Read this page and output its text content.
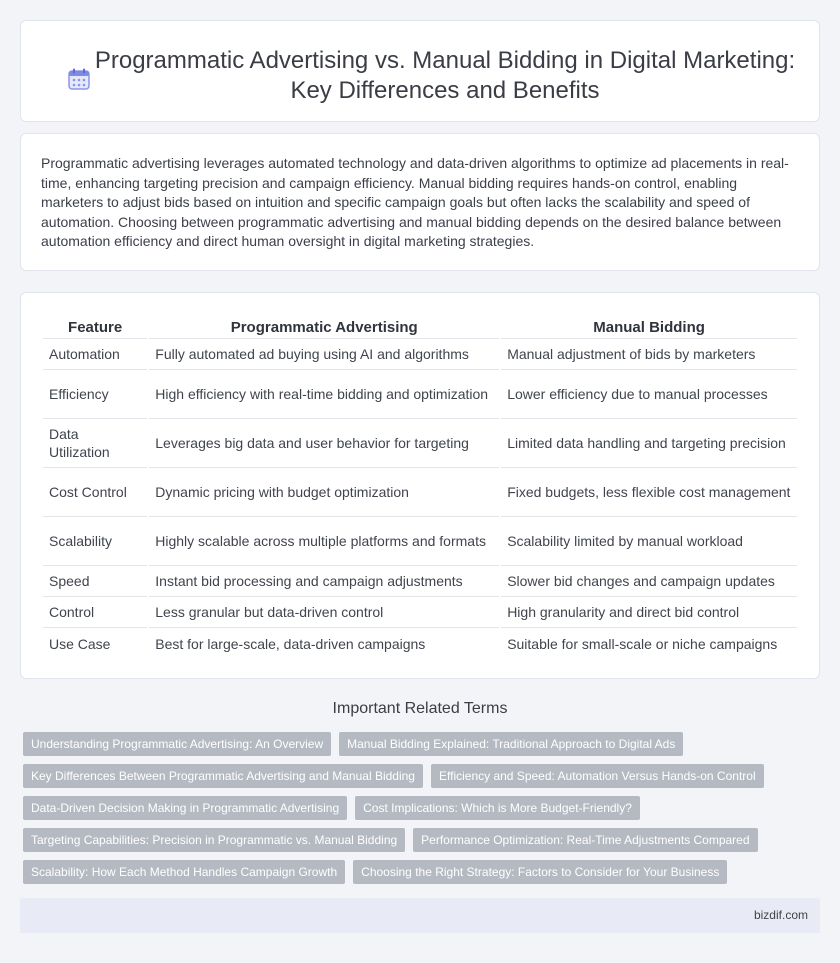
Programmatic Advertising vs. Manual Bidding in Digital Marketing: Key Differences and Benefits

Programmatic advertising leverages automated technology and data-driven algorithms to optimize ad placements in real-time, enhancing targeting precision and campaign efficiency. Manual bidding requires hands-on control, enabling marketers to adjust bids based on intuition and specific campaign goals but often lacks the scalability and speed of automation. Choosing between programmatic advertising and manual bidding depends on the desired balance between automation efficiency and direct human oversight in digital marketing strategies.

Feature	Programmatic Advertising	Manual Bidding
Automation	Fully automated ad buying using AI and algorithms	Manual adjustment of bids by marketers
Efficiency	High efficiency with real-time bidding and optimization	Lower efficiency due to manual processes
Data Utilization	Leverages big data and user behavior for targeting	Limited data handling and targeting precision
Cost Control	Dynamic pricing with budget optimization	Fixed budgets, less flexible cost management
Scalability	Highly scalable across multiple platforms and formats	Scalability limited by manual workload
Speed	Instant bid processing and campaign adjustments	Slower bid changes and campaign updates
Control	Less granular but data-driven control	High granularity and direct bid control
Use Case	Best for large-scale, data-driven campaigns	Suitable for small-scale or niche campaigns
Important Related Terms
Understanding Programmatic Advertising: An Overview	Manual Bidding Explained: Traditional Approach to Digital Ads
Key Differences Between Programmatic Advertising and Manual Bidding	Efficiency and Speed: Automation Versus Hands-on Control
Data-Driven Decision Making in Programmatic Advertising	Cost Implications: Which is More Budget-Friendly?
Targeting Capabilities: Precision in Programmatic vs. Manual Bidding	Performance Optimization: Real-Time Adjustments Compared
Scalability: How Each Method Handles Campaign Growth	Choosing the Right Strategy: Factors to Consider for Your Business
bizdif.com
